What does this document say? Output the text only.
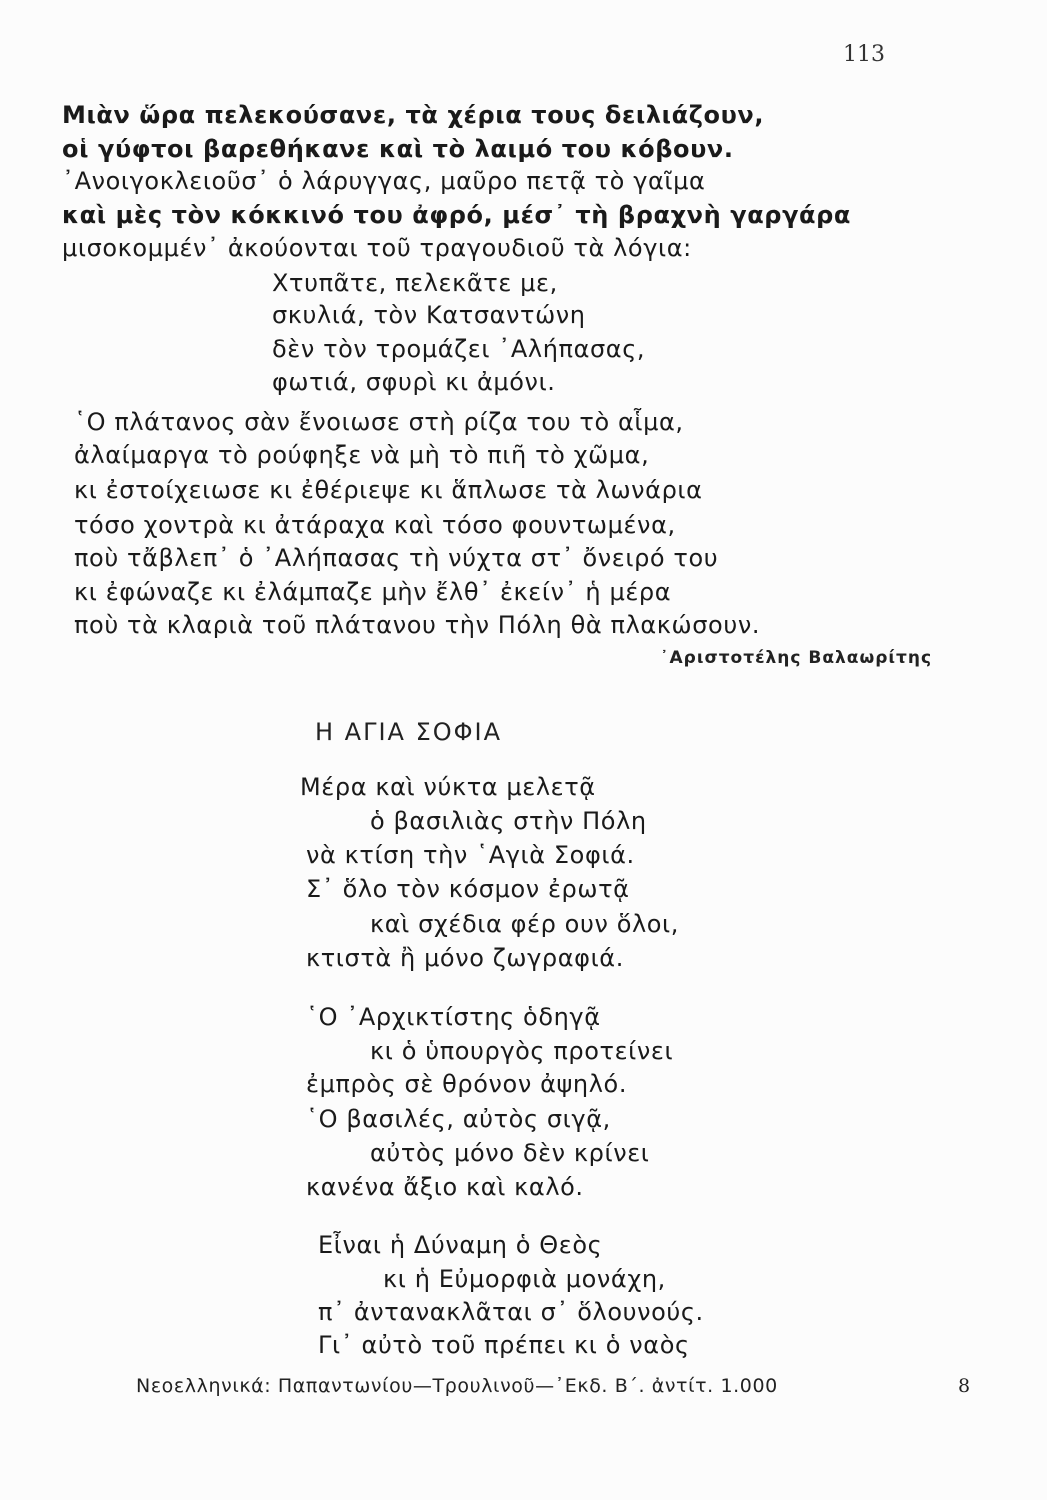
113
Μιὰν ὥρα πελεκούσανε, τὰ χέρια τους δειλιάζουν,
οἱ γύφτοι βαρεθήκανε καὶ τὸ λαιμό του κόβουν.
᾿Ανοιγοκλειοῦσ᾿ ὁ λάρυγγας, μαῦρο πετᾷ τὸ γαῖμα
καὶ μὲς τὸν κόκκινό του ἀφρό, μέσ᾿ τὴ βραχνὴ γαργάρα
μισοκομμέν᾿ ἀκούονται τοῦ τραγουδιοῦ τὰ λόγια:
Χτυπᾶτε, πελεκᾶτε με,
σκυλιά, τὸν Κατσαντώνη
δὲν τὸν τρομάζει ᾿Αλήπασας,
φωτιά, σφυρὶ κι ἀμόνι.
῾Ο πλάτανος σὰν ἔνοιωσε στὴ ρίζα του τὸ αἷμα,
ἀλαίμαργα τὸ ρούφηξε νὰ μὴ τὸ πιῆ τὸ χῶμα,
κι ἐστοίχειωσε κι ἐθέριεψε κι ἅπλωσε τὰ λωνάρια
τόσο χοντρὰ κι ἀτάραχα καὶ τόσο φουντωμένα,
ποὺ τἄβλεπ᾿ ὁ ᾿Αλήπασας τὴ νύχτα στ᾿ ὄνειρό του
κι ἐφώναζε κι ἐλάμπαζε μὴν ἔλθ᾿ ἐκείν᾿ ἡ μέρα
ποὺ τὰ κλαριὰ τοῦ πλάτανου τὴν Πόλη θὰ πλακώσουν.
᾿Αριστοτέλης Βαλαωρίτης
Η ΑΓΙΑ ΣΟΦΙΑ
Μέρα καὶ νύκτα μελετᾷ
ὁ βασιλιὰς στὴν Πόλη
νὰ κτίση τὴν ῾Αγιὰ Σοφιά.
Σ᾿ ὅλο τὸν κόσμον ἐρωτᾷ
καὶ σχέδια φέρ ουν ὅλοι,
κτιστὰ ἢ μόνο ζωγραφιά.
῾Ο ᾿Αρχικτίστης ὁδηγᾷ
κι ὁ ὑπουργὸς προτείνει
ἐμπρὸς σὲ θρόνον ἀψηλό.
῾Ο βασιλές, αὐτὸς σιγᾷ,
αὐτὸς μόνο δὲν κρίνει
κανένα ἄξιο καὶ καλό.
Εἶναι ἡ Δύναμη ὁ Θεὸς
κι ἡ Εὐμορφιὰ μονάχη,
π᾿ ἀντανακλᾶται σ᾿ ὅλουνούς.
Γι᾿ αὐτὸ τοῦ πρέπει κι ὁ ναὸς
Νεοελληνικά: Παπαντωνίου—Τρουλινοῦ—᾿Εκδ. Β΄. ἀντίτ. 1.000	8
